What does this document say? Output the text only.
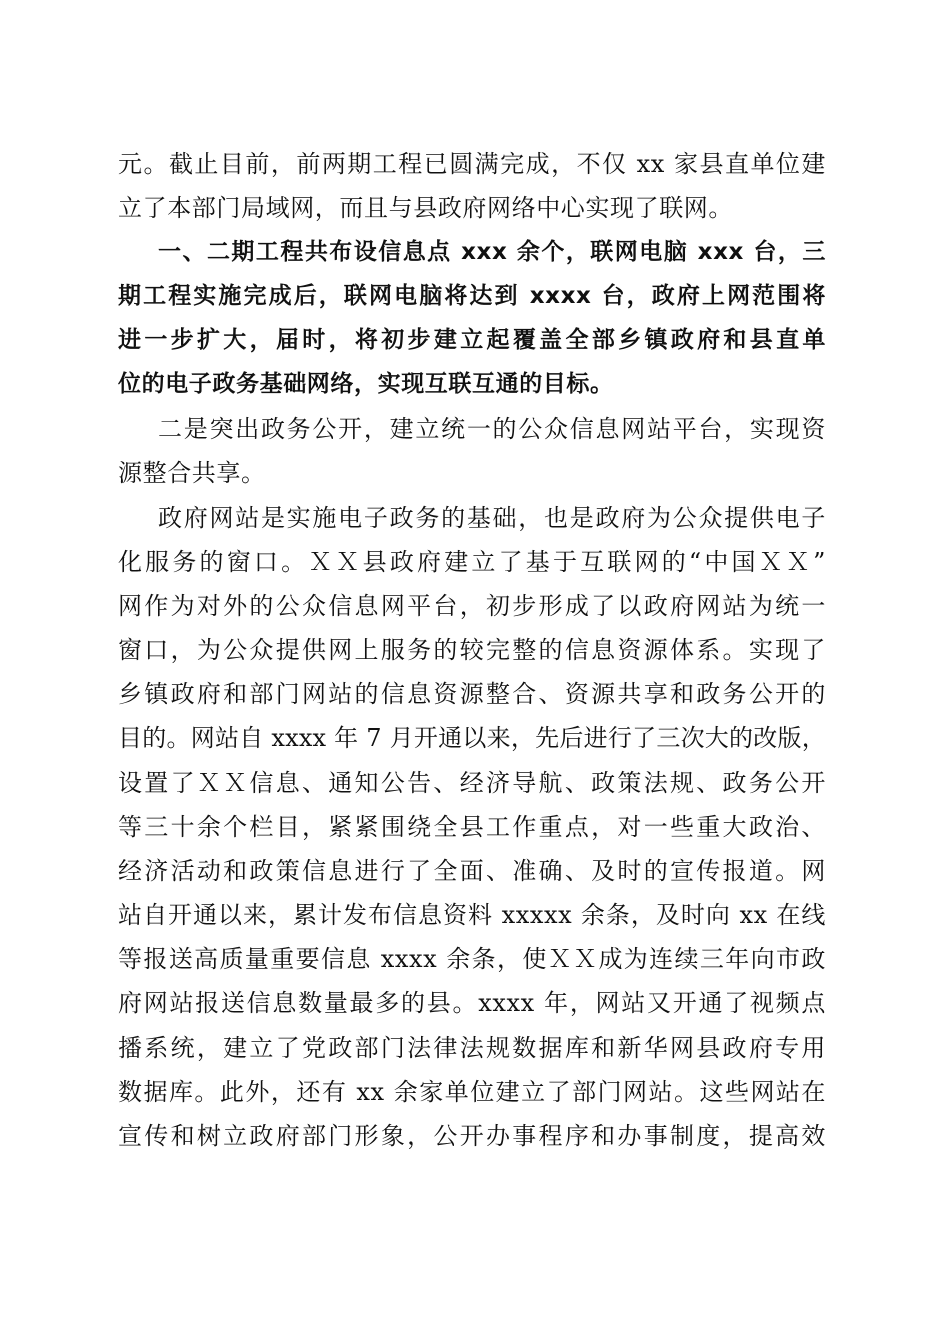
元。截止目前，前两期工程已圆满完成，不仅 xx 家县直单位建
立了本部门局域网，而且与县政府网络中心实现了联网。
一、二期工程共布设信息点 xxx 余个，联网电脑 xxx 台，三
期工程实施完成后，联网电脑将达到 xxxx 台，政府上网范围将
进一步扩大，届时，将初步建立起覆盖全部乡镇政府和县直单
位的电子政务基础网络，实现互联互通的目标。
二是突出政务公开，建立统一的公众信息网站平台，实现资
源整合共享。
政府网站是实施电子政务的基础，也是政府为公众提供电子
化服务的窗口。ＸＸ县政府建立了基于互联网的“中国ＸＸ”
网作为对外的公众信息网平台，初步形成了以政府网站为统一
窗口，为公众提供网上服务的较完整的信息资源体系。实现了
乡镇政府和部门网站的信息资源整合、资源共享和政务公开的
目的。网站自 xxxx 年 7 月开通以来，先后进行了三次大的改版，
设置了ＸＸ信息、通知公告、经济导航、政策法规、政务公开
等三十余个栏目，紧紧围绕全县工作重点，对一些重大政治、
经济活动和政策信息进行了全面、准确、及时的宣传报道。网
站自开通以来，累计发布信息资料 xxxxx 余条，及时向 xx 在线
等报送高质量重要信息 xxxx 余条，使ＸＸ成为连续三年向市政
府网站报送信息数量最多的县。xxxx 年，网站又开通了视频点
播系统，建立了党政部门法律法规数据库和新华网县政府专用
数据库。此外，还有 xx 余家单位建立了部门网站。这些网站在
宣传和树立政府部门形象，公开办事程序和办事制度，提高效
